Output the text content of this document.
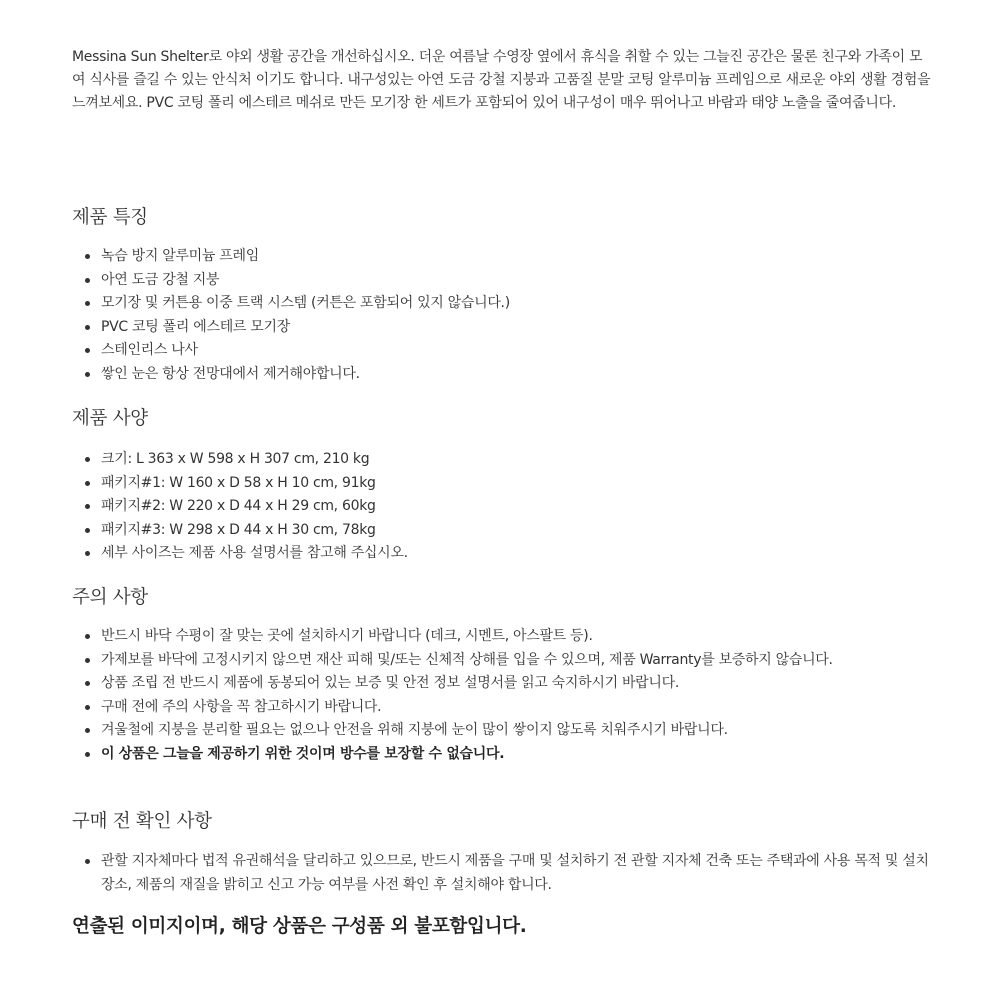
Messina Sun Shelter로 야외 생활 공간을 개선하십시오. 더운 여름날 수영장 옆에서 휴식을 취할 수 있는 그늘진 공간은 물론 친구와 가족이 모여 식사를 즐길 수 있는 안식처 이기도 합니다. 내구성있는 아연 도금 강철 지붕과 고품질 분말 코팅 알루미늄 프레임으로 새로운 야외 생활 경험을 느껴보세요. PVC 코팅 폴리 에스테르 메쉬로 만든 모기장 한 세트가 포함되어 있어 내구성이 매우 뛰어나고 바람과 태양 노출을 줄여줍니다.

제품 특징
녹슴 방지 알루미늄 프레임
아연 도금 강철 지붕
모기장 및 커튼용 이중 트랙 시스템 (커튼은 포함되어 있지 않습니다.)
PVC 코팅 폴리 에스테르 모기장
스테인리스 나사
쌓인 눈은 항상 전망대에서 제거해야합니다.
제품 사양
크기: L 363 x W 598 x H 307 cm, 210 kg
패키지#1: W 160 x D 58 x H 10 cm, 91kg
패키지#2: W 220 x D 44 x H 29 cm, 60kg
패키지#3: W 298 x D 44 x H 30 cm, 78kg
세부 사이즈는 제품 사용 설명서를 참고해 주십시오.
주의 사항
반드시 바닥 수평이 잘 맞는 곳에 설치하시기 바랍니다 (데크, 시멘트, 아스팔트 등).
가제보를 바닥에 고정시키지 않으면 재산 피해 및/또는 신체적 상해를 입을 수 있으며, 제품 Warranty를 보증하지 않습니다.
상품 조립 전 반드시 제품에 동봉되어 있는 보증 및 안전 정보 설명서를 읽고 숙지하시기 바랍니다.
구매 전에 주의 사항을 꼭 참고하시기 바랍니다.
겨울철에 지붕을 분리할 필요는 없으나 안전을 위해 지붕에 눈이 많이 쌓이지 않도록 치워주시기 바랍니다.
이 상품은 그늘을 제공하기 위한 것이며 방수를 보장할 수 없습니다.
구매 전 확인 사항
관할 지자체마다 법적 유권해석을 달리하고 있으므로, 반드시 제품을 구매 및 설치하기 전 관할 지자체 건축 또는 주택과에 사용 목적 및 설치 장소, 제품의 재질을 밝히고 신고 가능 여부를 사전 확인 후 설치해야 합니다.

연출된 이미지이며, 해당 상품은 구성품 외 불포함입니다.
